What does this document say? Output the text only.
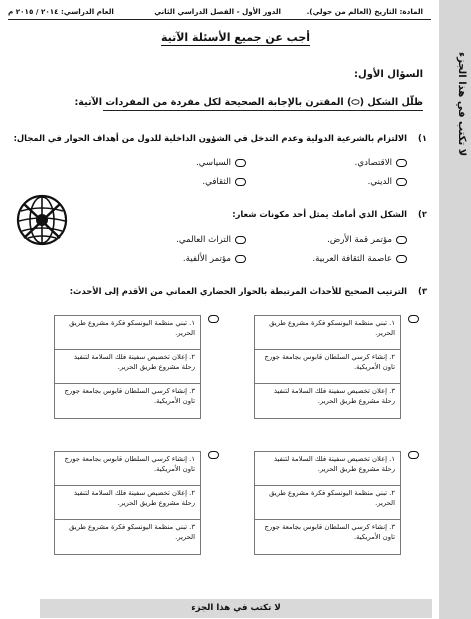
المادة: التاريخ (العالم من حولي).
الدور الأول - الفصل الدراسي الثاني
العام الدراسي: ٢٠١٤ / ٢٠١٥ م
لا تكتب في هذا الجزء
أجب عن جميع الأسئلة الآتية
السؤال الأول:
ظلّل الشكل (⬭) المقترن بالإجابة الصحيحة لكل مفردة من المفردات الآتية:
١)
الالتزام بالشرعية الدولية وعدم التدخل في الشؤون الداخلية للدول من أهداف الحوار في المجال:
الاقتصادي.
السياسي.
الديني.
الثقافي.
٢)
الشكل الذي أمامك يمثل أحد مكونات شعار:
مؤتمر قمة الأرض.
التراث العالمي.
عاصمة الثقافة العربية.
مؤتمر الألفية.
٣)
الترتيب الصحيح للأحداث المرتبطة بالحوار الحضاري العماني من الأقدم إلى الأحدث:
١. تبني منظمة اليونسكو فكرة مشروع طريق الحرير.
٢. إنشاء كرسي السلطان قابوس بجامعة جورج تاون الأمريكية.
٣. إعلان تخصيص سفينة فلك السلامة لتنفيذ رحلة مشروع طريق الحرير.
١. تبني منظمة اليونسكو فكرة مشروع طريق الحرير.
٢. إعلان تخصيص سفينة فلك السلامة لتنفيذ رحلة مشروع طريق الحرير.
٣. إنشاء كرسي السلطان قابوس بجامعة جورج تاون الأمريكية.
١. إعلان تخصيص سفينة فلك السلامة لتنفيذ رحلة مشروع طريق الحرير.
٢. تبني منظمة اليونسكو فكرة مشروع طريق الحرير.
٣. إنشاء كرسي السلطان قابوس بجامعة جورج تاون الأمريكية.
١. إنشاء كرسي السلطان قابوس بجامعة جورج تاون الأمريكية.
٢. إعلان تخصيص سفينة فلك السلامة لتنفيذ رحلة مشروع طريق الحرير.
٣. تبني منظمة اليونسكو فكرة مشروع طريق الحرير.
لا تكتب في هذا الجزء
